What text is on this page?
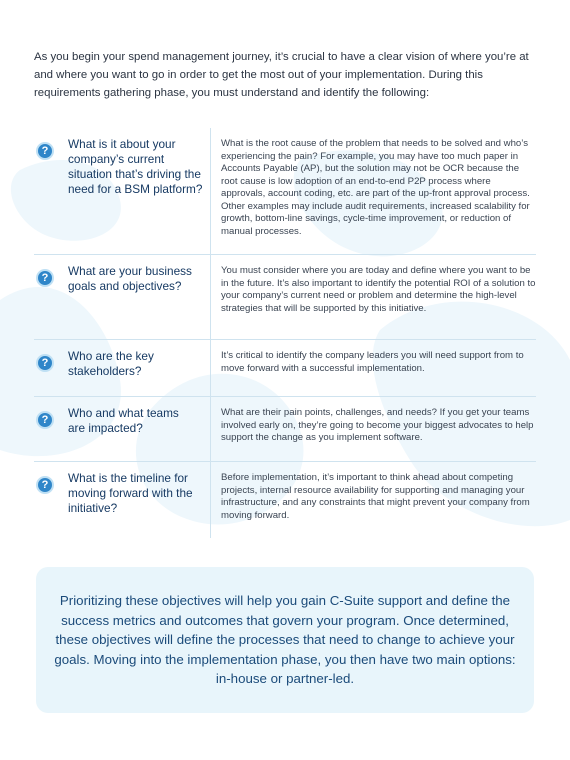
As you begin your spend management journey, it’s crucial to have a clear vision of where you’re at and where you want to go in order to get the most out of your implementation. During this requirements gathering phase, you must understand and identify the following:
?	What is it about your company’s current situation that’s driving the need for a BSM platform?
What is the root cause of the problem that needs to be solved and who’s experiencing the pain? For example, you may have too much paper in Accounts Payable (AP), but the solution may not be OCR because the root cause is low adoption of an end-to-end P2P process where approvals, account coding, etc. are part of the up-front approval process. Other examples may include audit requirements, increased scalability for growth, bottom-line savings, cycle-time improvement, or reduction of manual processes.
?	What are your business goals and objectives?
You must consider where you are today and define where you want to be in the future. It’s also important to identify the potential ROI of a solution to your company’s current need or problem and determine the high-level strategies that will be supported by this initiative.
?	Who are the key stakeholders?
It’s critical to identify the company leaders you will need support from to move forward with a successful implementation.
?	Who and what teams are impacted?
What are their pain points, challenges, and needs? If you get your teams involved early on, they’re going to become your biggest advocates to help support the change as you implement software.
?	What is the timeline for moving forward with the initiative?
Before implementation, it’s important to think ahead about competing projects, internal resource availability for supporting and managing your infrastructure, and any constraints that might prevent your company from moving forward.

Prioritizing these objectives will help you gain C-Suite support and define the success metrics and outcomes that govern your program. Once determined, these objectives will define the processes that need to change to achieve your goals. Moving into the implementation phase, you then have two main options: in-house or partner-led.
